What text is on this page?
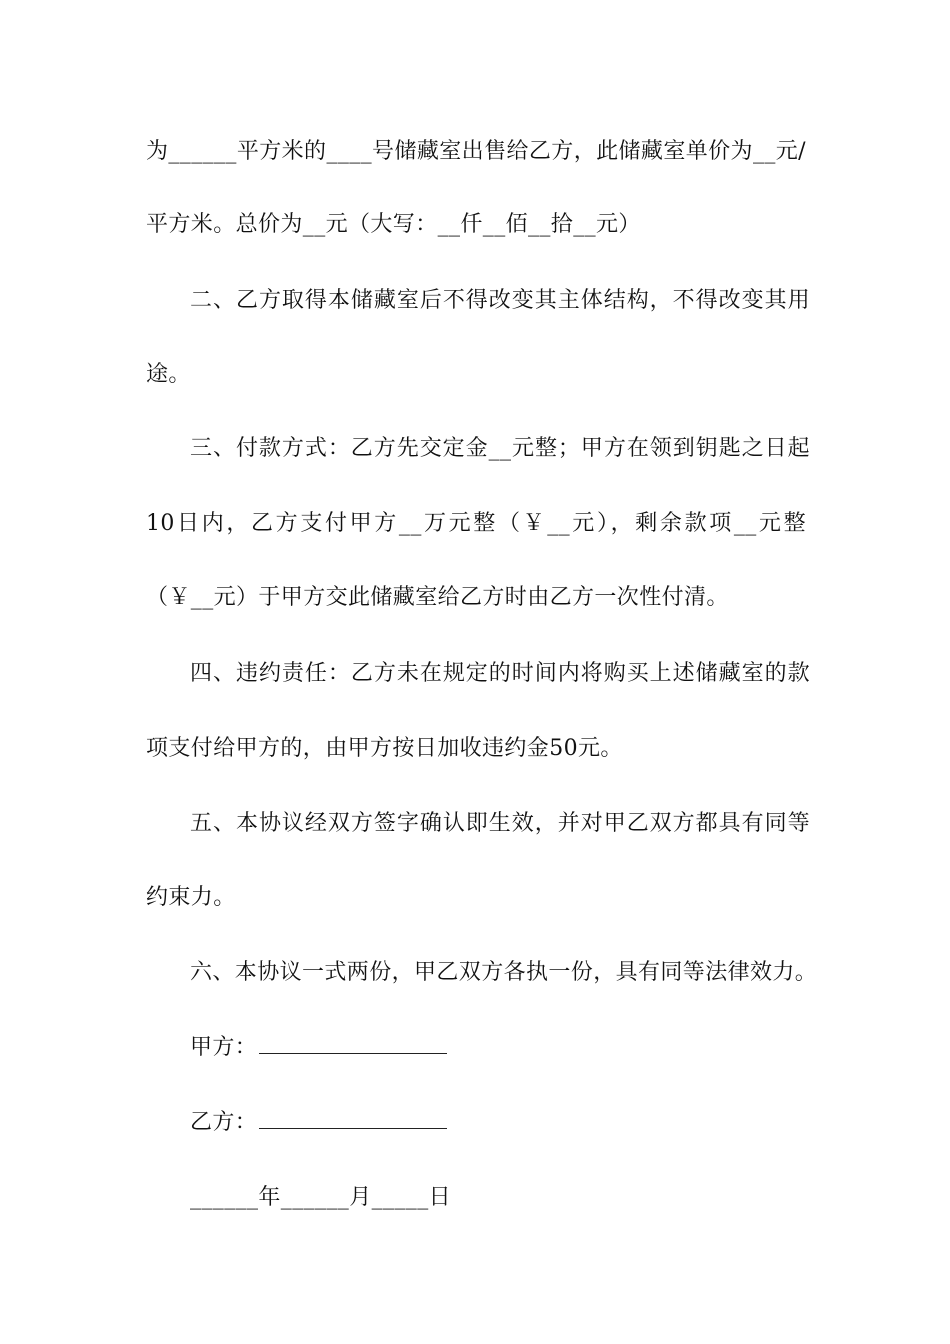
为______平方米的____号储藏室出售给乙方，此储藏室单价为__元/
平方米。总价为__元（大写：__仟__佰__拾__元）
二、乙方取得本储藏室后不得改变其主体结构，不得改变其用
途。
三、付款方式：乙方先交定金__元整；甲方在领到钥匙之日起
10日内，乙方支付甲方__万元整（￥__元），剩余款项__元整
（￥__元）于甲方交此储藏室给乙方时由乙方一次性付清。
四、违约责任：乙方未在规定的时间内将购买上述储藏室的款
项支付给甲方的，由甲方按日加收违约金50元。
五、本协议经双方签字确认即生效，并对甲乙双方都具有同等
约束力。
六、本协议一式两份，甲乙双方各执一份，具有同等法律效力。
甲方：
乙方：
______年______月_____日
